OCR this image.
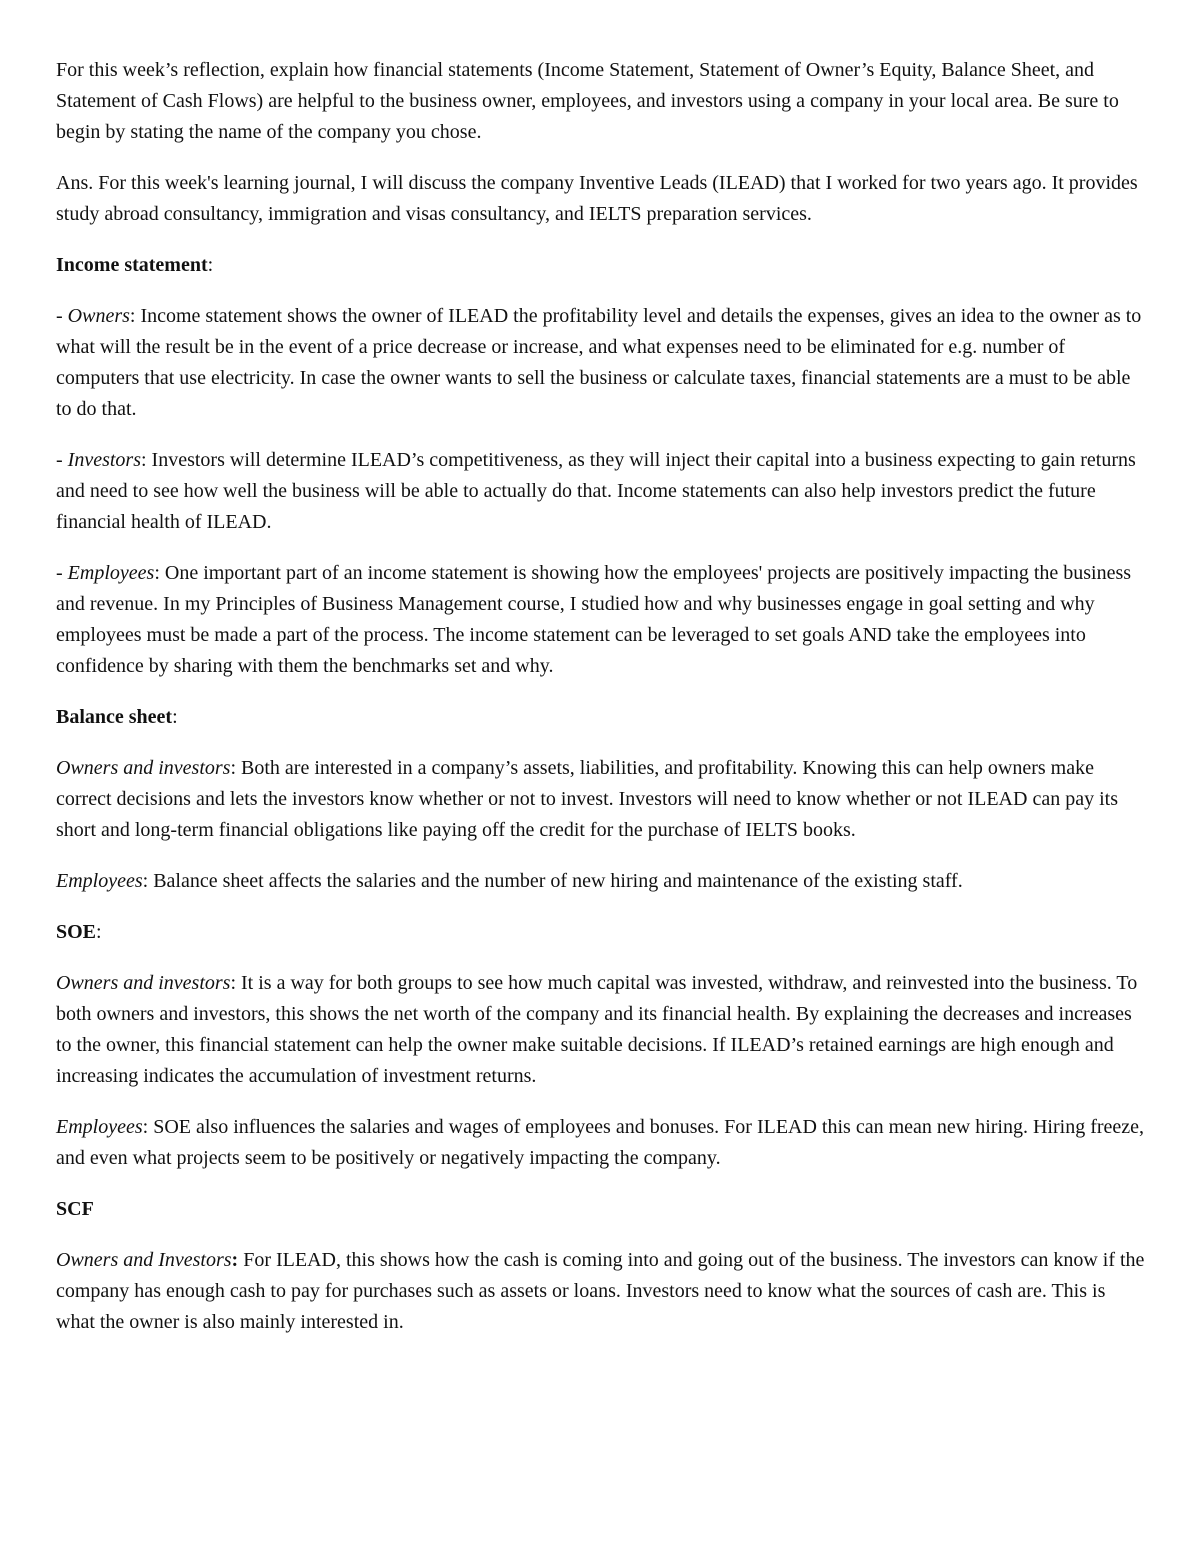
For this week’s reflection, explain how financial statements (Income Statement, Statement of Owner’s Equity, Balance Sheet, and Statement of Cash Flows) are helpful to the business owner, employees, and investors using a company in your local area. Be sure to begin by stating the name of the company you chose.

Ans. For this week's learning journal, I will discuss the company Inventive Leads (ILEAD) that I worked for two years ago. It provides study abroad consultancy, immigration and visas consultancy, and IELTS preparation services.

Income statement:

- Owners: Income statement shows the owner of ILEAD the profitability level and details the expenses, gives an idea to the owner as to what will the result be in the event of a price decrease or increase, and what expenses need to be eliminated for e.g. number of computers that use electricity. In case the owner wants to sell the business or calculate taxes, financial statements are a must to be able to do that.

- Investors: Investors will determine ILEAD’s competitiveness, as they will inject their capital into a business expecting to gain returns and need to see how well the business will be able to actually do that. Income statements can also help investors predict the future financial health of ILEAD.

- Employees: One important part of an income statement is showing how the employees' projects are positively impacting the business and revenue. In my Principles of Business Management course, I studied how and why businesses engage in goal setting and why employees must be made a part of the process. The income statement can be leveraged to set goals AND take the employees into confidence by sharing with them the benchmarks set and why.

Balance sheet:

Owners and investors: Both are interested in a company’s assets, liabilities, and profitability. Knowing this can help owners make correct decisions and lets the investors know whether or not to invest. Investors will need to know whether or not ILEAD can pay its short and long-term financial obligations like paying off the credit for the purchase of IELTS books.

Employees: Balance sheet affects the salaries and the number of new hiring and maintenance of the existing staff.

SOE:

Owners and investors: It is a way for both groups to see how much capital was invested, withdraw, and reinvested into the business. To both owners and investors, this shows the net worth of the company and its financial health. By explaining the decreases and increases to the owner, this financial statement can help the owner make suitable decisions. If ILEAD’s retained earnings are high enough and increasing indicates the accumulation of investment returns.

Employees: SOE also influences the salaries and wages of employees and bonuses. For ILEAD this can mean new hiring. Hiring freeze, and even what projects seem to be positively or negatively impacting the company.

SCF

Owners and Investors: For ILEAD, this shows how the cash is coming into and going out of the business. The investors can know if the company has enough cash to pay for purchases such as assets or loans. Investors need to know what the sources of cash are. This is what the owner is also mainly interested in.
